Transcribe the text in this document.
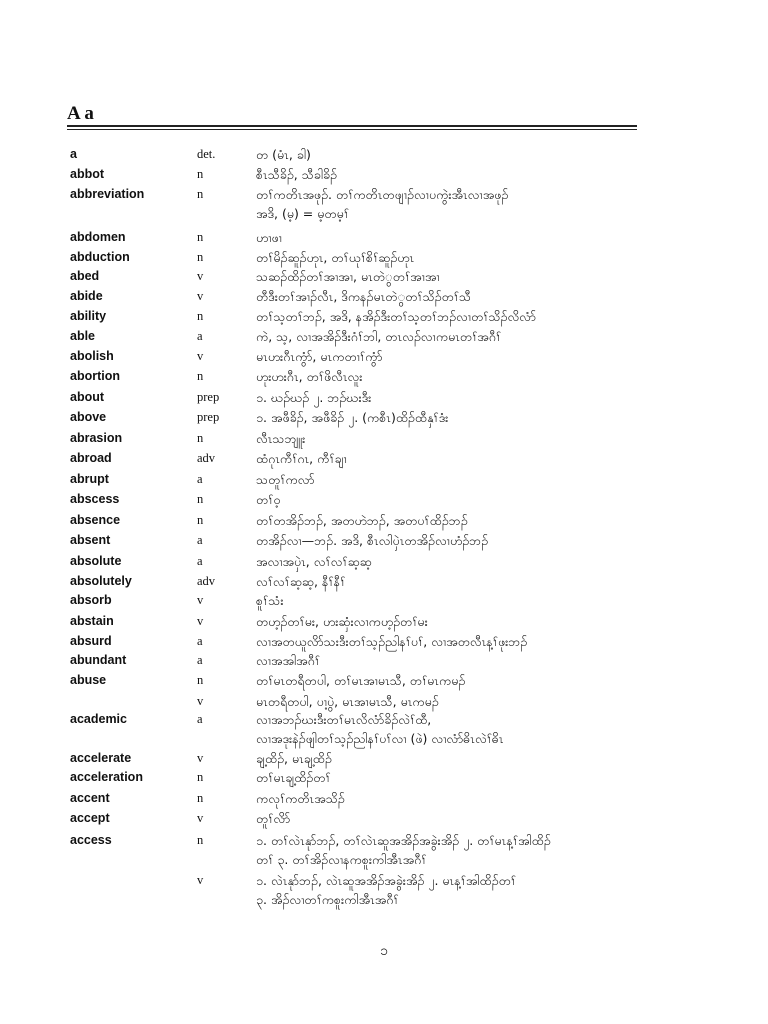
A a
a	det.	တ (မံၤ, ခါ)
abbot	n	စီၤသီခိၣ်, သီခါခိၣ်
abbreviation	n	တၢ်ကတိၤအဖုၣ်. တၢ်ကတိၤတဖျၢၣ်လၢပကွဲးအီၤလၢအဖုၣ်
အဒိ, (မ့) = မ့တမ့ၢ်
abdomen	n	ဟၢဖၢ
abduction	n	တၢ်မိၣ်ဆူၣ်ဟုၤ, တၢ်ယုၢ်စိၢ်ဆူၣ်ဟုၤ
abed	v	သဆၣ်ထိၣ်တၢ်အၢအၢ, မၤတဲွတၢ်အၢအၢ
abide	v	တီဒီးတၢ်အၢၣ်လီၤ, ဒိကနၣ်မၤတဲွတၢ်သိၣ်တၢ်သီ
ability	n	တၢ်သ့တၢ်ဘၣ်, အဒိ, နအိၣ်ဒီးတၢ်သ့တၢ်ဘၣ်လၢတၢ်သိၣ်လိလံာ်
able	a	ကဲ, သ့, လၢအအိၣ်ဒီးဂံၢ်ဘါ, တၤလၣ်လၢကမၤတၢ်အဂီၢ်
abolish	v	မၤဟးဂီၤကွံာ်, မၤကတၢၢ်ကွံာ်
abortion	n	ဟုးဟးဂီၤ, တၢ်ဖိလီၤလူး
about	prep	၁. ဃၣ်ဃၣ် ၂. ဘၣ်ဃးဒီး
above	prep	၁. အဖီခိၣ်, အဖီခိၣ် ၂. (ကစီၤ)ထိၣ်ထီနှၢ်ဒံး
abrasion	n	လီၤသဘျူး
abroad	adv	ထံဂုၤကီၢ်ဂၤ, ကီၢ်ချၢ
abrupt	a	သတူၢ်ကလာ်
abscess	n	တၢ်ဝ့
absence	n	တၢ်တအိၣ်ဘၣ်, အတဟဲဘၣ်, အတပၢ်ထိၣ်ဘၣ်
absent	a	တအိၣ်လၢ—ဘၣ်. အဒိ, စီၤလါပှဲၤတအိၣ်လၢဟံၣ်ဘၣ်
absolute	a	အလၢအပှဲၤ, လၢ်လၢ်ဆ့ဆ့
absolutely	adv	လၢ်လၢ်ဆ့ဆ့, နီၢ်နီၢ်
absorb	v	စူၢ်သံး
abstain	v	တဟ့ၣ်တၢ်မး, ဟးဆှံးလၢကဟ့ၣ်တၢ်မး
absurd	a	လၢအတယူလိာ်သးဒီးတၢ်သ့ၣ်ညါနၢ်ပၢ်, လၢအတလီၤန့ၢ်ဖုးဘၣ်
abundant	a	လၢအအါအဂီၢ်
abuse	n	တၢ်မၤတရီတပါ, တၢ်မၤအၢမၤသီ, တၢ်မၤကမၣ်
v	မၤတရီတပါ, ပၢ့ပွဲ, မၤအၢမၤသီ, မၤကမၣ်
academic	a	လၢအဘၣ်ဃးဒီးတၢ်မၤလိလံာ်ခိၣ်လဲၢ်ထီ,
လၢအဒုးနဲၣ်ဖျါတၢ်သ့ၣ်ညါနၢ်ပၢ်လၢ (ဖဲ) လၢလံာ်ဓိၤလဲၢ်ဓိၤ
accelerate	v	ချ့ထိၣ်, မၤချ့ထိၣ်
acceleration	n	တၢ်မၤချ့ထိၣ်တၢ်
accent	n	ကလုၢ်ကတိၤအသိၣ်
accept	v	တူၢ်လိာ်
access	n	၁. တၢ်လဲၤနုာ်ဘၣ်, တၢ်လဲၤဆူအအိၣ်အခွဲးအိၣ် ၂. တၢ်မၤန့ၢ်အါထိၣ်
တၢ် ၃. တၢ်အိၣ်လၢနကစူးကါအီၤအဂီၢ်
v	၁. လဲၤနုာ်ဘၣ်, လဲၤဆူအအိၣ်အခွဲးအိၣ် ၂. မၤန့ၢ်အါထိၣ်တၢ်
၃. အိၣ်လၢတၢ်ကစူးကါအီၤအဂီၢ်
၁
